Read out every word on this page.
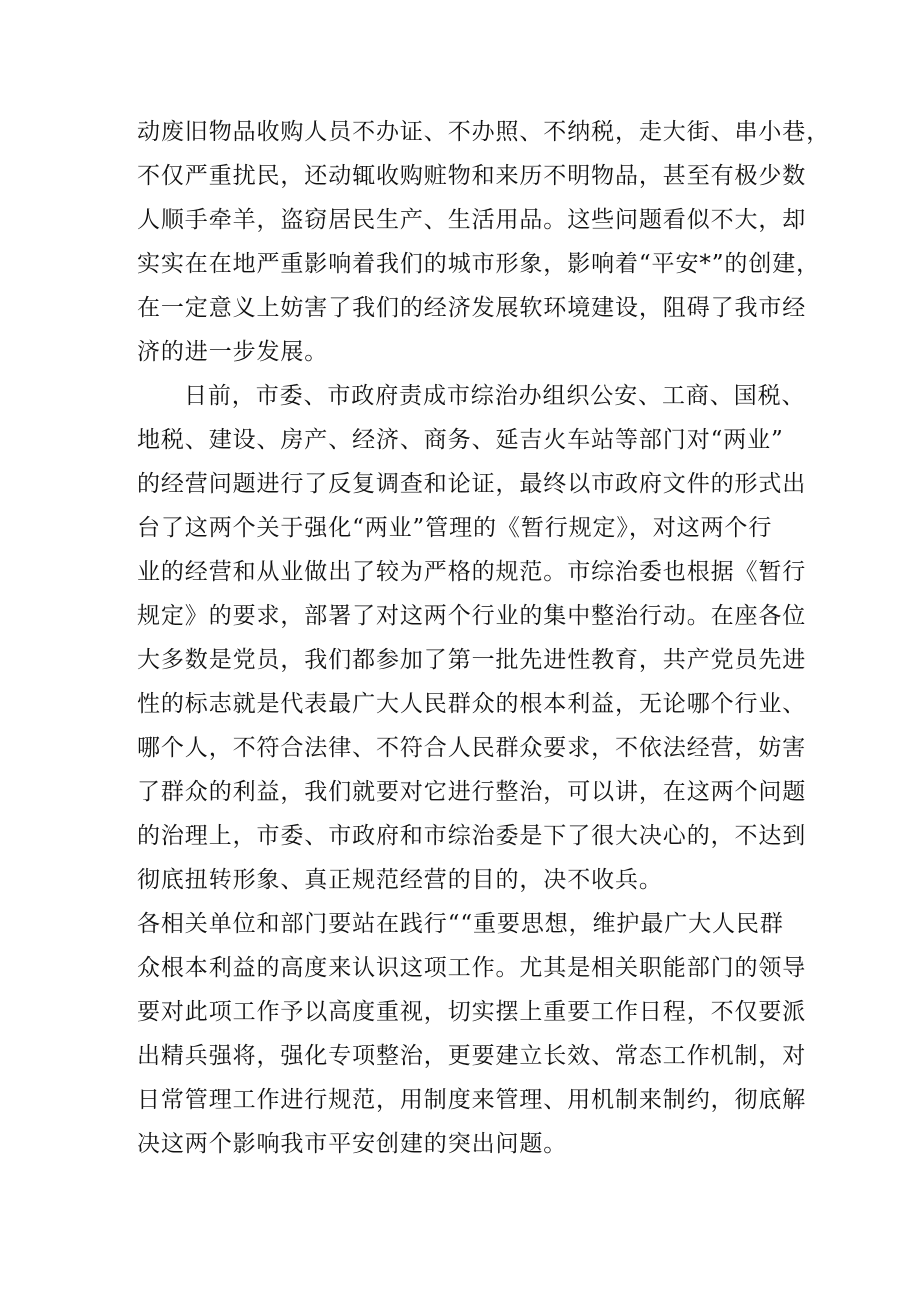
动废旧物品收购人员不办证、不办照、不纳税，走大街、串小巷，
不仅严重扰民，还动辄收购赃物和来历不明物品，甚至有极少数
人顺手牵羊，盗窃居民生产、生活用品。这些问题看似不大，却
实实在在地严重影响着我们的城市形象，影响着“平安*”的创建，
在一定意义上妨害了我们的经济发展软环境建设，阻碍了我市经
济的进一步发展。
日前，市委、市政府责成市综治办组织公安、工商、国税、
地税、建设、房产、经济、商务、延吉火车站等部门对“两业”
的经营问题进行了反复调查和论证，最终以市政府文件的形式出
台了这两个关于强化“两业”管理的《暂行规定》，对这两个行
业的经营和从业做出了较为严格的规范。市综治委也根据《暂行
规定》的要求，部署了对这两个行业的集中整治行动。在座各位
大多数是党员，我们都参加了第一批先进性教育，共产党员先进
性的标志就是代表最广大人民群众的根本利益，无论哪个行业、
哪个人，不符合法律、不符合人民群众要求，不依法经营，妨害
了群众的利益，我们就要对它进行整治，可以讲，在这两个问题
的治理上，市委、市政府和市综治委是下了很大决心的，不达到
彻底扭转形象、真正规范经营的目的，决不收兵。
各相关单位和部门要站在践行““重要思想，维护最广大人民群
众根本利益的高度来认识这项工作。尤其是相关职能部门的领导
要对此项工作予以高度重视，切实摆上重要工作日程，不仅要派
出精兵强将，强化专项整治，更要建立长效、常态工作机制，对
日常管理工作进行规范，用制度来管理、用机制来制约，彻底解
决这两个影响我市平安创建的突出问题。
